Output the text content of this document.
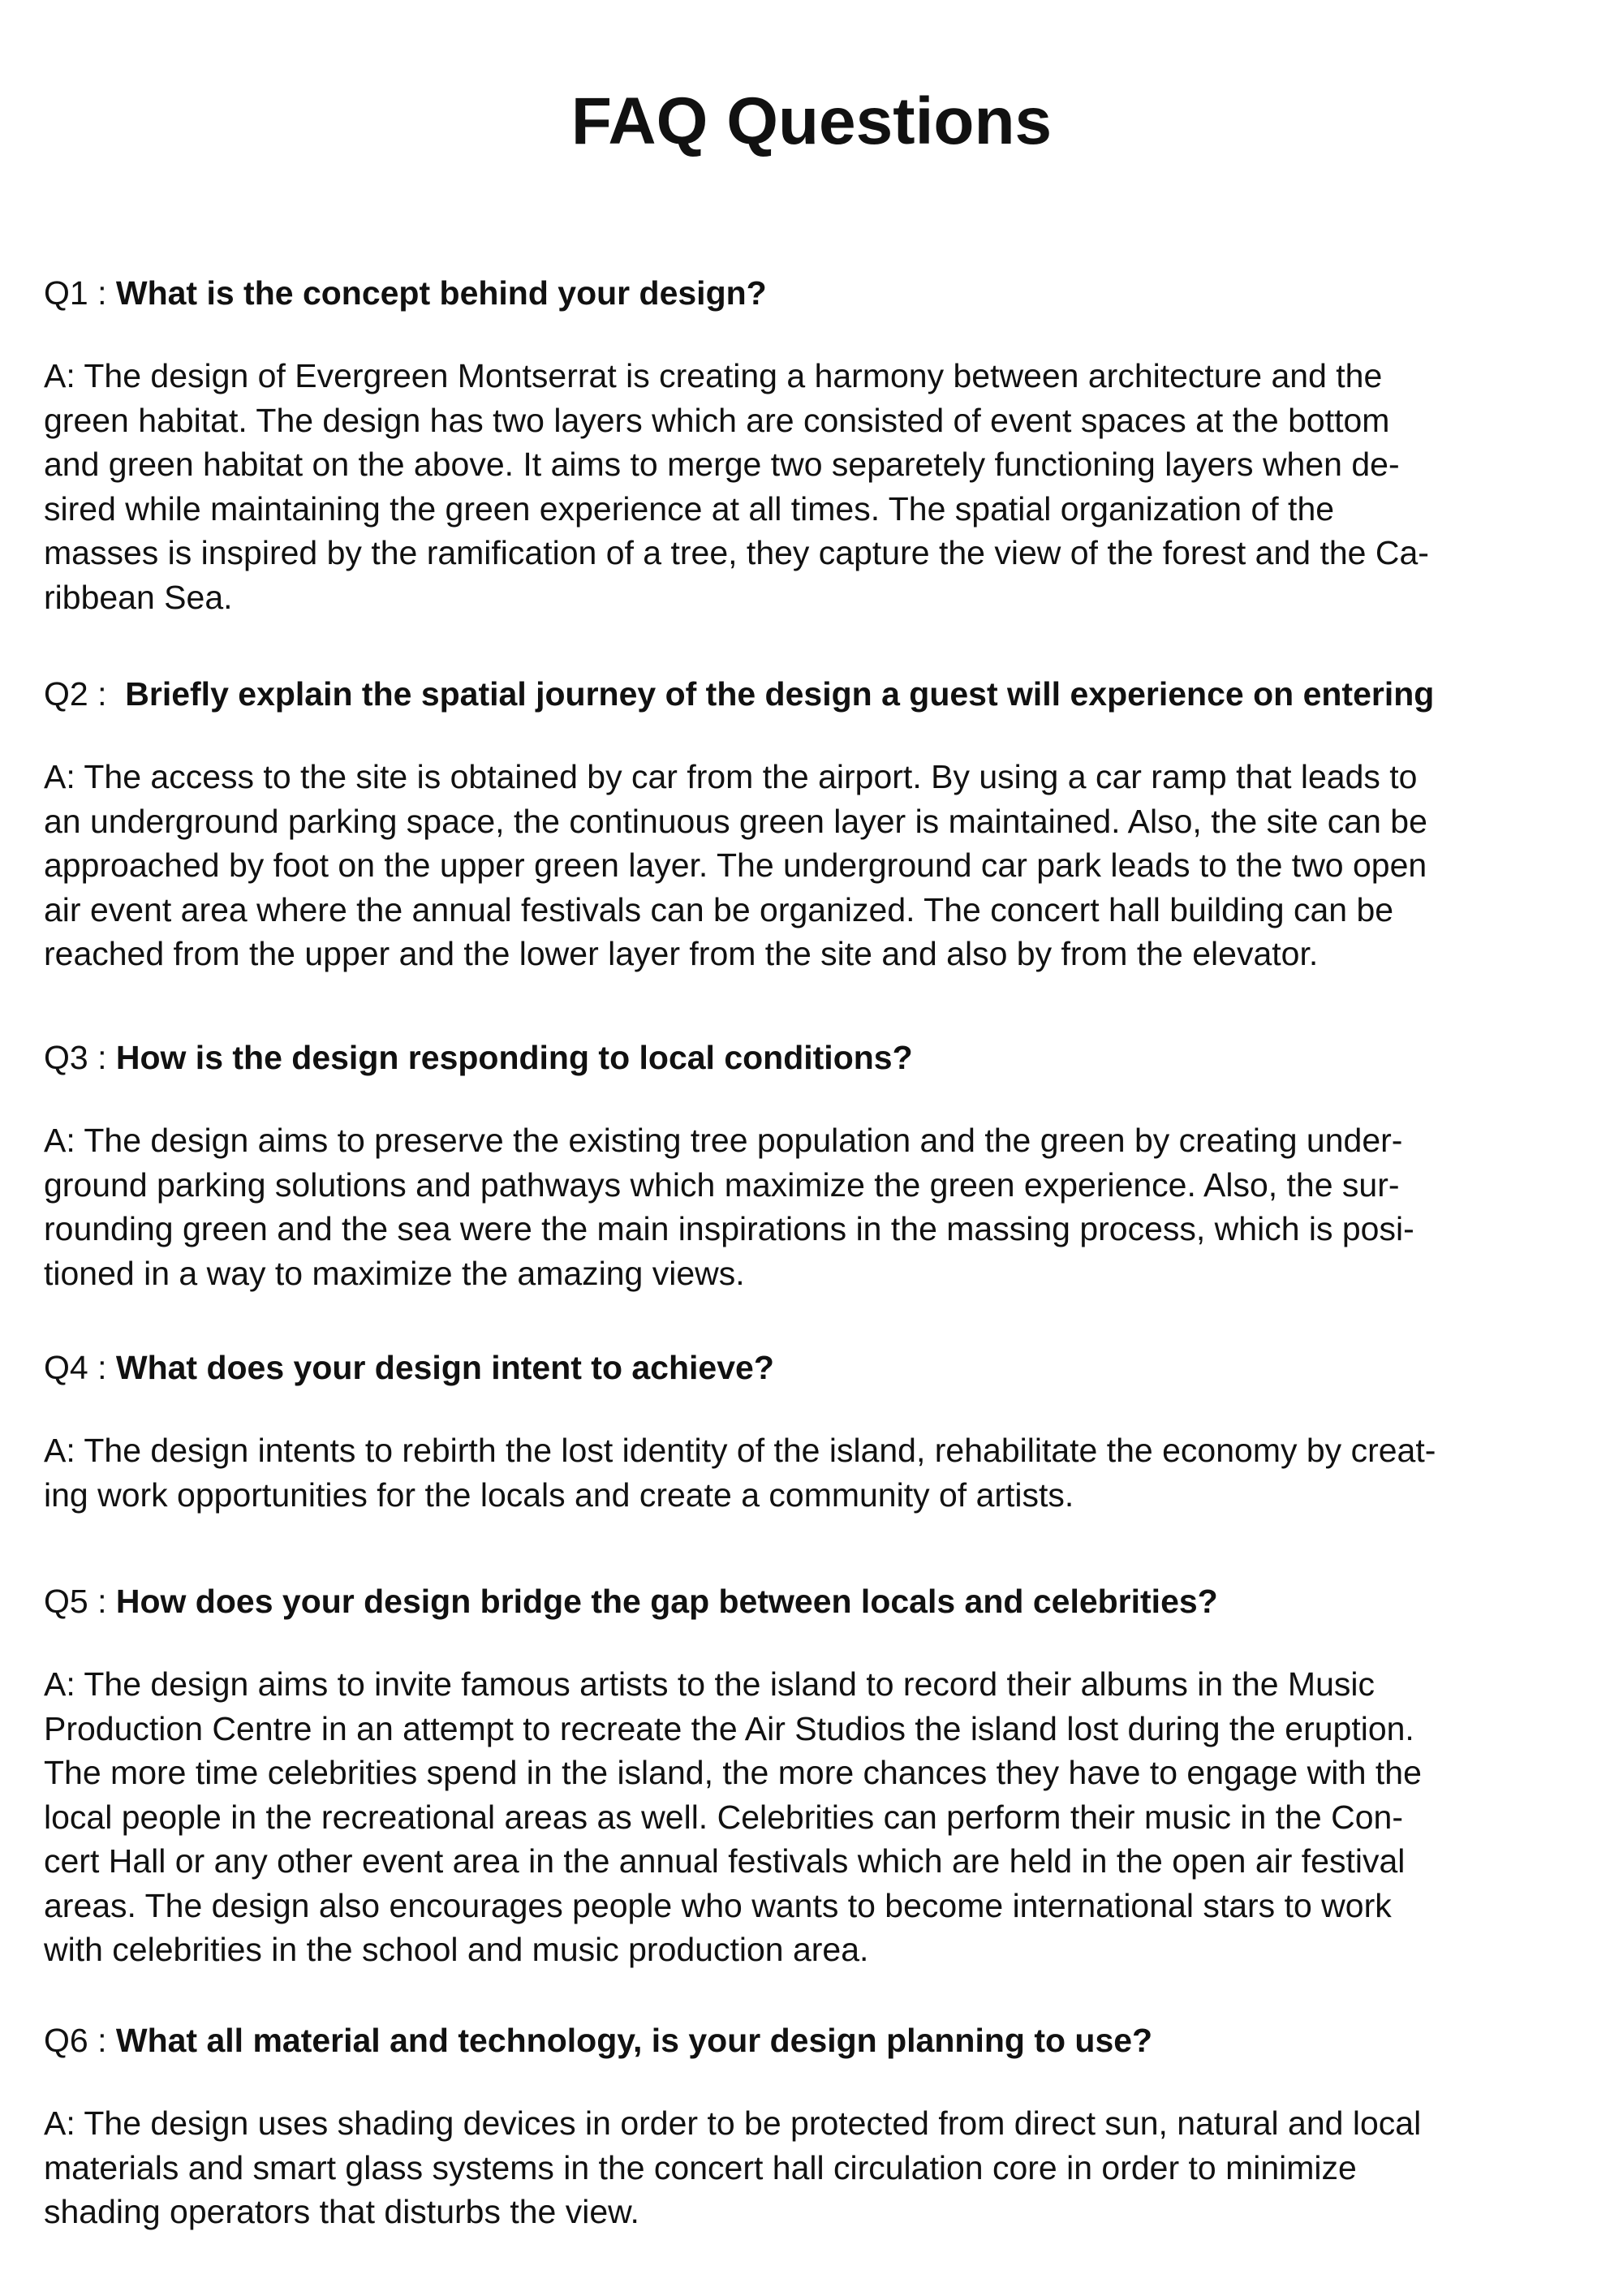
FAQ Questions

Q1 : What is the concept behind your design?

A: The design of Evergreen Montserrat is creating a harmony between architecture and the
green habitat. The design has two layers which are consisted of event spaces at the bottom
and green habitat on the above. It aims to merge two separetely functioning layers when de-
sired while maintaining the green experience at all times. The spatial organization of the
masses is inspired by the ramification of a tree, they capture the view of the forest and the Ca-
ribbean Sea.

Q2 :  Briefly explain the spatial journey of the design a guest will experience on entering

A: The access to the site is obtained by car from the airport. By using a car ramp that leads to
an underground parking space, the continuous green layer is maintained. Also, the site can be
approached by foot on the upper green layer. The underground car park leads to the two open
air event area where the annual festivals can be organized. The concert hall building can be
reached from the upper and the lower layer from the site and also by from the elevator.

Q3 : How is the design responding to local conditions?

A: The design aims to preserve the existing tree population and the green by creating under-
ground parking solutions and pathways which maximize the green experience. Also, the sur-
rounding green and the sea were the main inspirations in the massing process, which is posi-
tioned in a way to maximize the amazing views.

Q4 : What does your design intent to achieve?

A: The design intents to rebirth the lost identity of the island, rehabilitate the economy by creat-
ing work opportunities for the locals and create a community of artists.

Q5 : How does your design bridge the gap between locals and celebrities?

A: The design aims to invite famous artists to the island to record their albums in the Music
Production Centre in an attempt to recreate the Air Studios the island lost during the eruption.
The more time celebrities spend in the island, the more chances they have to engage with the
local people in the recreational areas as well. Celebrities can perform their music in the Con-
cert Hall or any other event area in the annual festivals which are held in the open air festival
areas. The design also encourages people who wants to become international stars to work
with celebrities in the school and music production area.

Q6 : What all material and technology, is your design planning to use?

A: The design uses shading devices in order to be protected from direct sun, natural and local
materials and smart glass systems in the concert hall circulation core in order to minimize
shading operators that disturbs the view.
